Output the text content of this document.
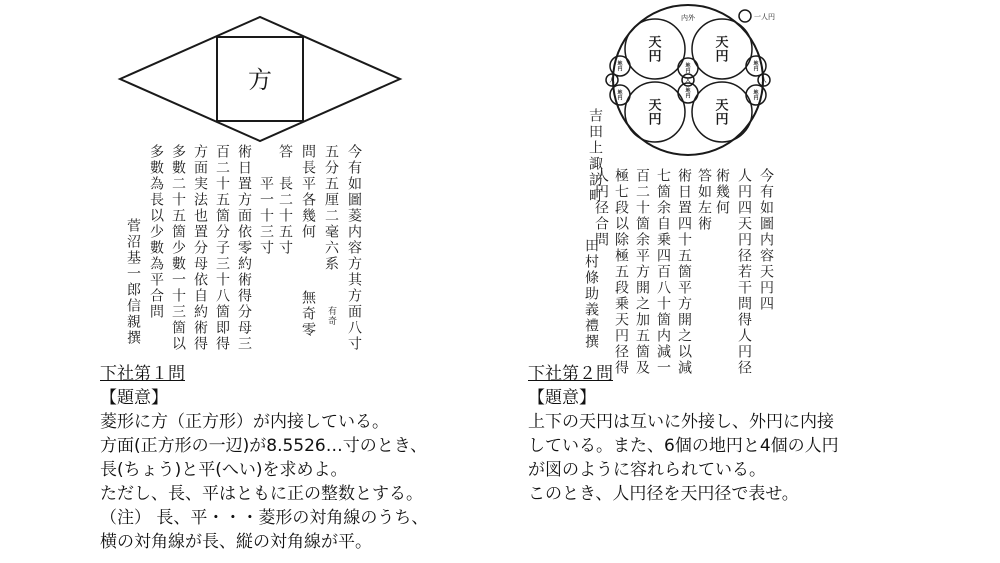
方
今有如圖菱内容方其方面八寸
五分五厘二毫六系
問長平各幾何
答　長二十五寸
　　平一十三寸
術日置方面依零約術得分母三
百二十五箇分子三十八箇即得
方面実法也置分母依自約術得
多數二十五箇少數一十三箇以
多數為長以少數為平合問
菅沼基一郎信親撰	有奇
無奇零
下社第１問
【題意】
菱形に方（正方形）が内接している。
方面(正方形の一辺)が8.5526…寸のとき、
長(ちょう)と平(へい)を求めよ。
ただし、長、平はともに正の整数とする。
（注） 長、平・・・菱形の対角線のうち、
横の対角線が長、縦の対角線が平。
内外	一人円
天
円
天
円
天
円
天
円
地
円
地
円
地
円
地
円
地
円
地
円
人	人
人
今有如圖内容天円四
人円四天円径若干問得人円径
術幾何
答如左術
術日置四十五箇平方開之以減
七箇余自乗四百八十箇内減一
百二十箇余平方開之加五箇及
極七段以除極五段乗天円径得
人円径合問
田村條助義禮撰
吉田上諏訪町
下社第２問
【題意】
上下の天円は互いに外接し、外円に内接
している。また、6個の地円と4個の人円
が図のように容れられている。
このとき、人円径を天円径で表せ。
